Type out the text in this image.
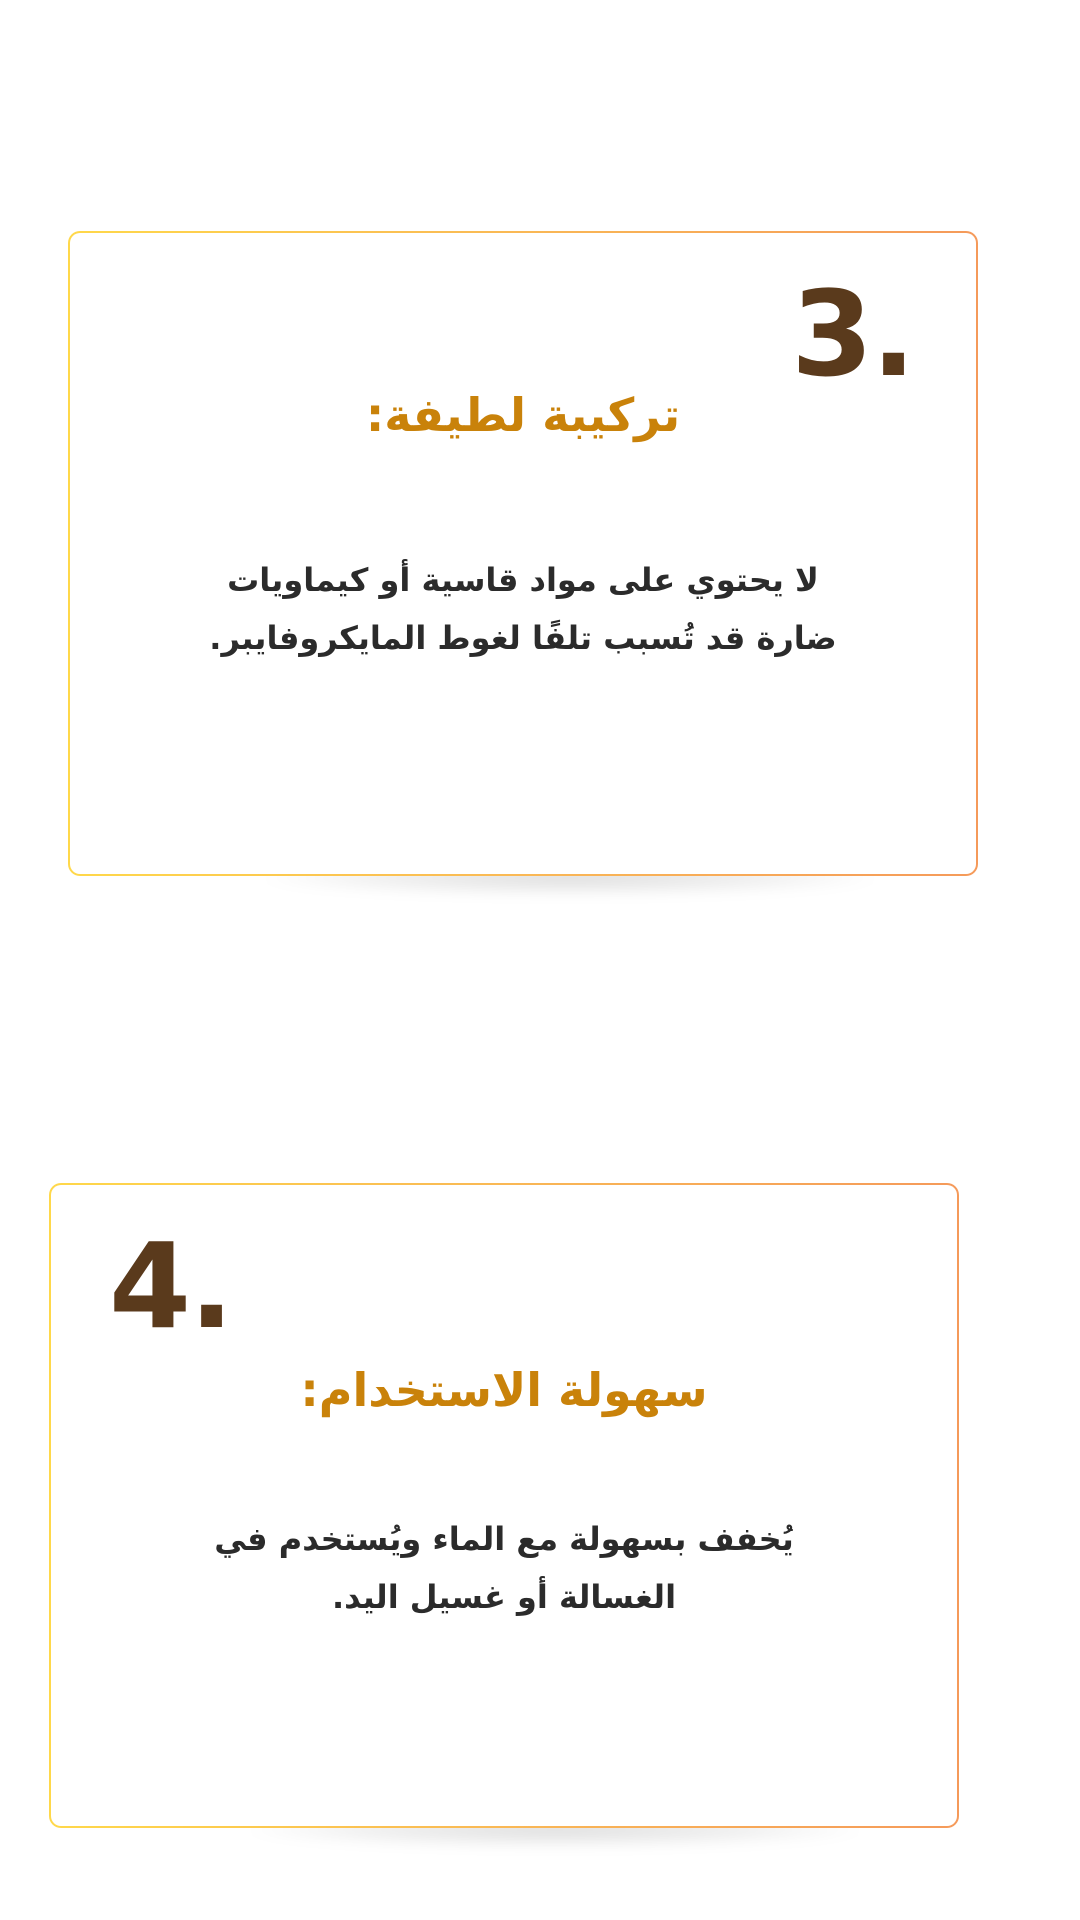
3.
تركيبة لطيفة:
لا يحتوي على مواد قاسية أو كيماويات
ضارة قد تُسبب تلفًا لغوط المايكروفايبر.
4.
سهولة الاستخدام:
يُخفف بسهولة مع الماء ويُستخدم في
الغسالة أو غسيل اليد.
